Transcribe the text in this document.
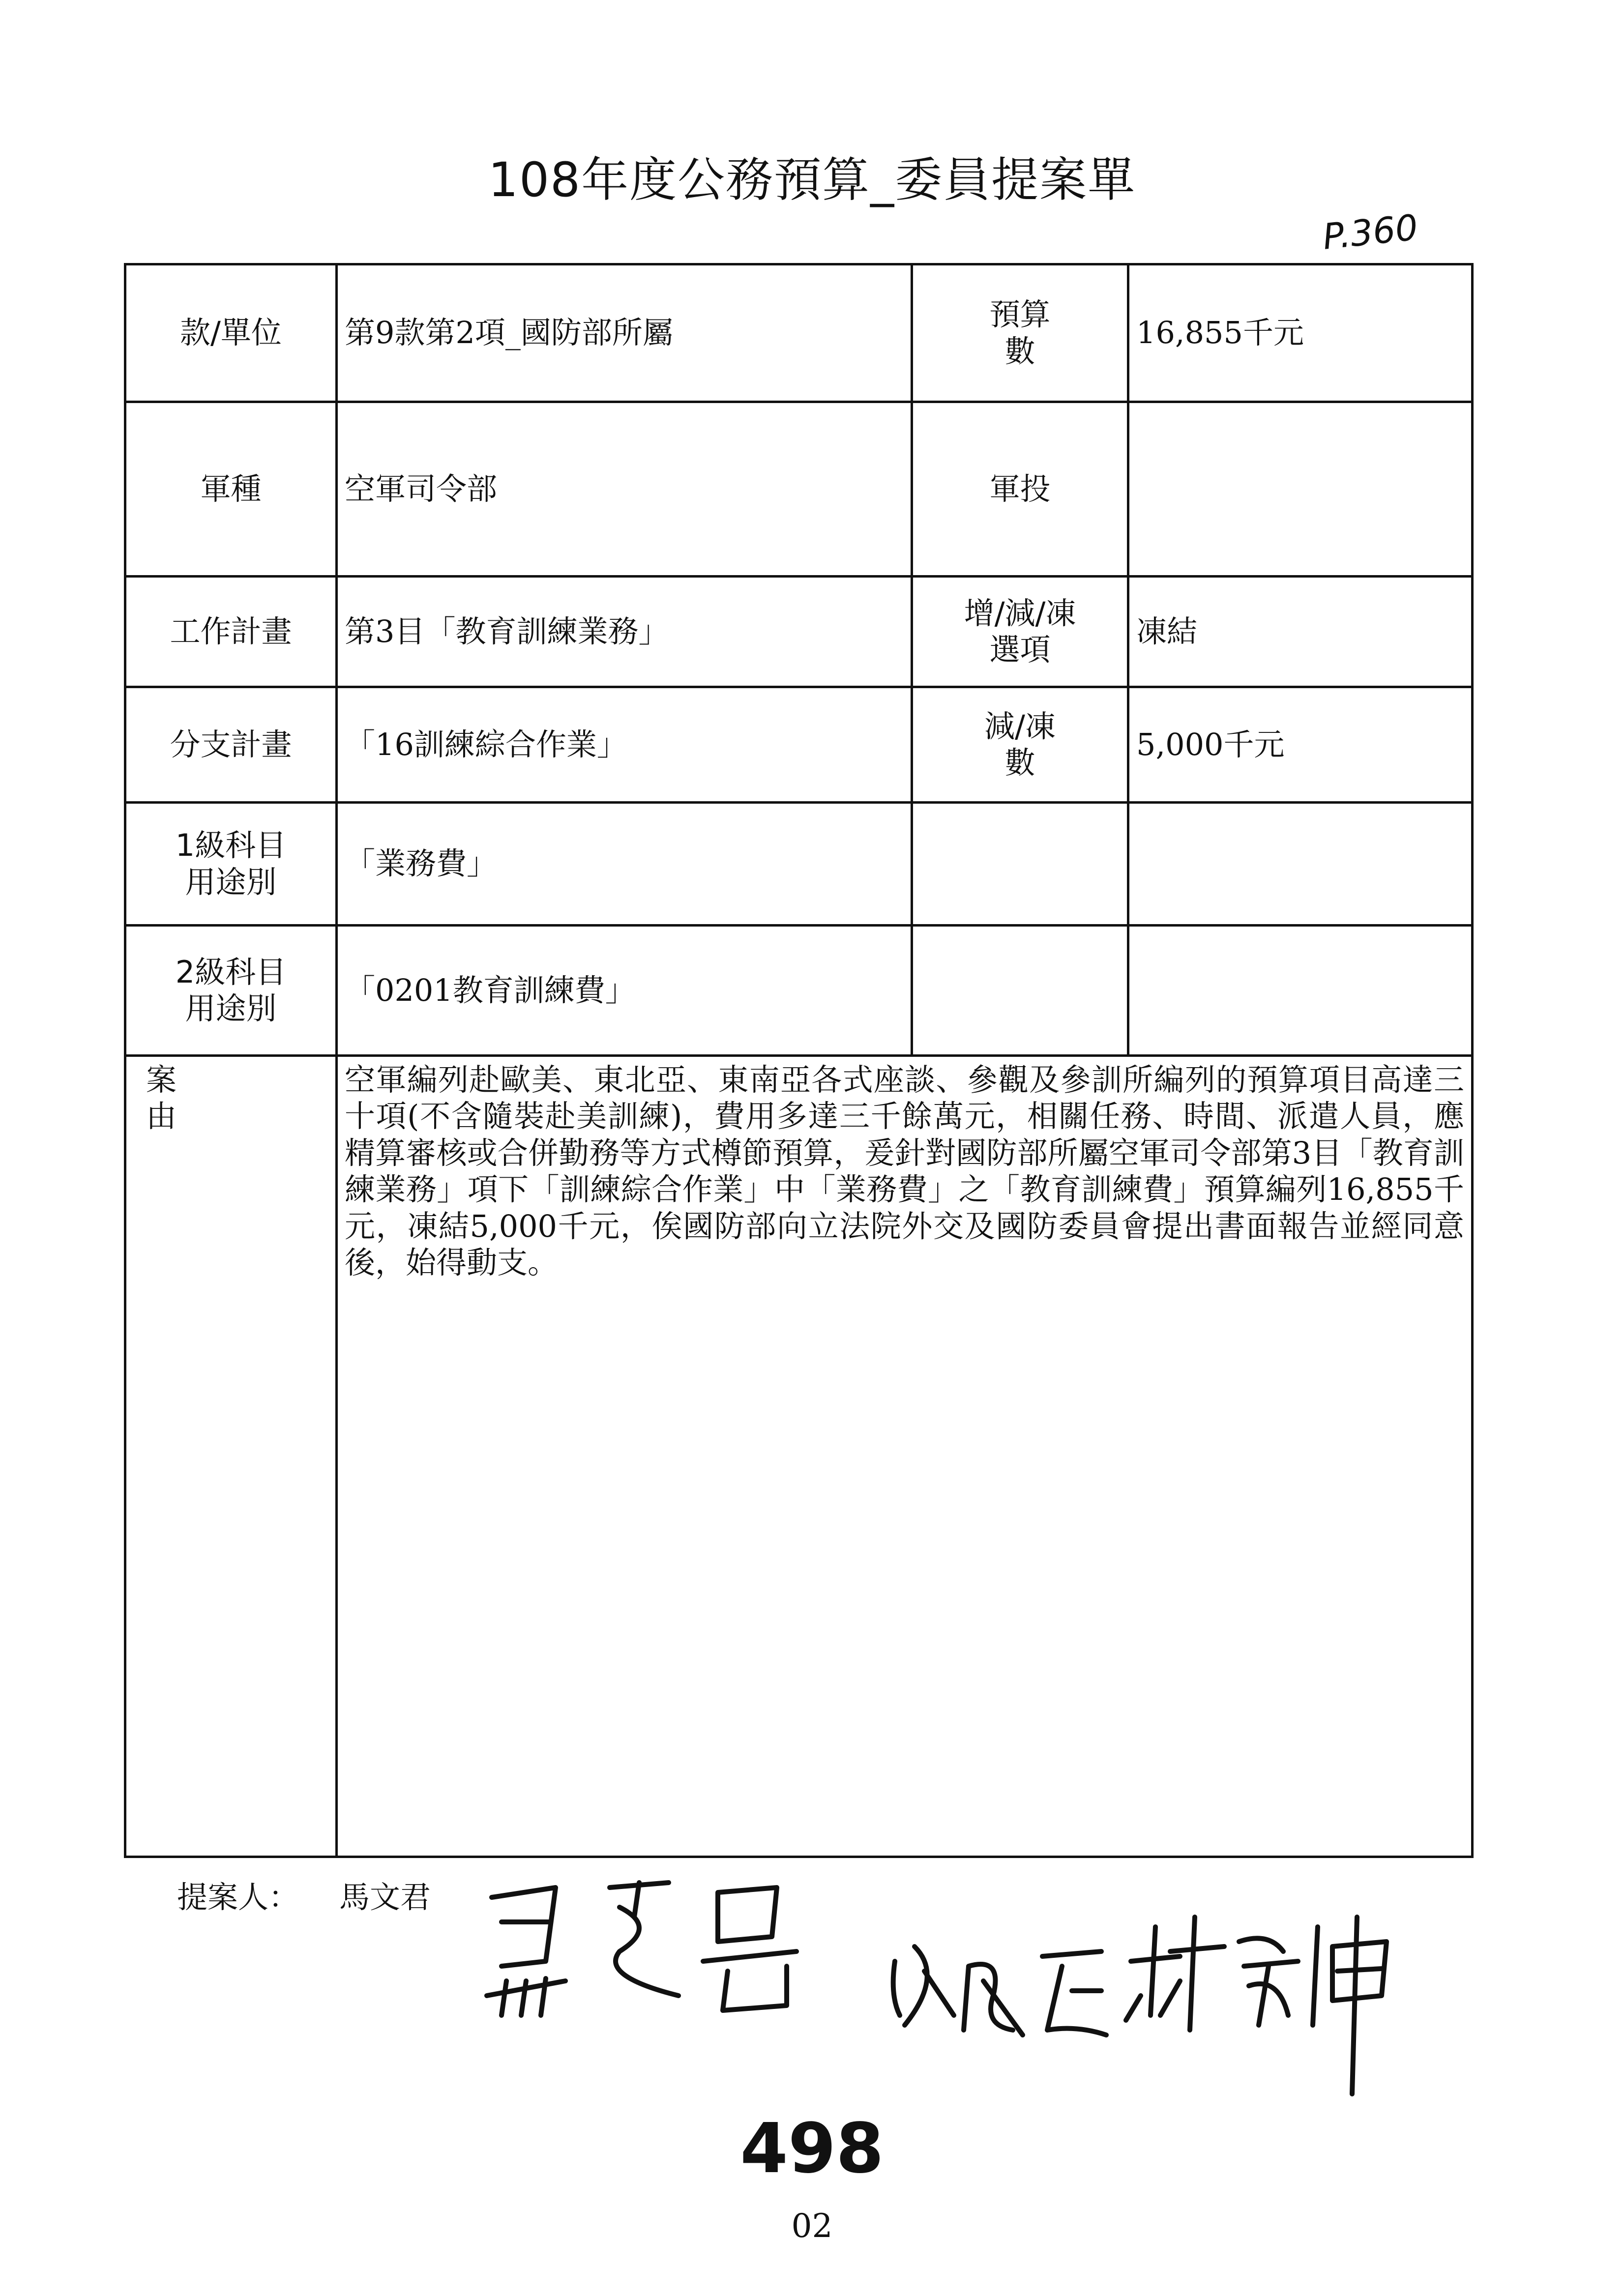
108年度公務預算_委員提案單
P.360
款/單位	第9款第2項_國防部所屬	預算數	16,855千元
軍種	空軍司令部	軍投	
工作計畫	第3目「教育訓練業務」	增/減/凍選項	凍結
分支計畫	「16訓練綜合作業」	減/凍數	5,000千元
1級科目用途別	「業務費」		
2級科目用途別	「0201教育訓練費」		
案由	空軍編列赴歐美、東北亞、東南亞各式座談、參觀及參訓所編列的預算項目高達三十項(不含隨裝赴美訓練)，費用多達三千餘萬元，相關任務、時間、派遣人員，應精算審核或合併勤務等方式樽節預算，爰針對國防部所屬空軍司令部第3目「教育訓練業務」項下「訓練綜合作業」中「業務費」之「教育訓練費」預算編列16,855千元，凍結5,000千元，俟國防部向立法院外交及國防委員會提出書面報告並經同意後，始得動支。		
提案人： 馬文君
498
02
